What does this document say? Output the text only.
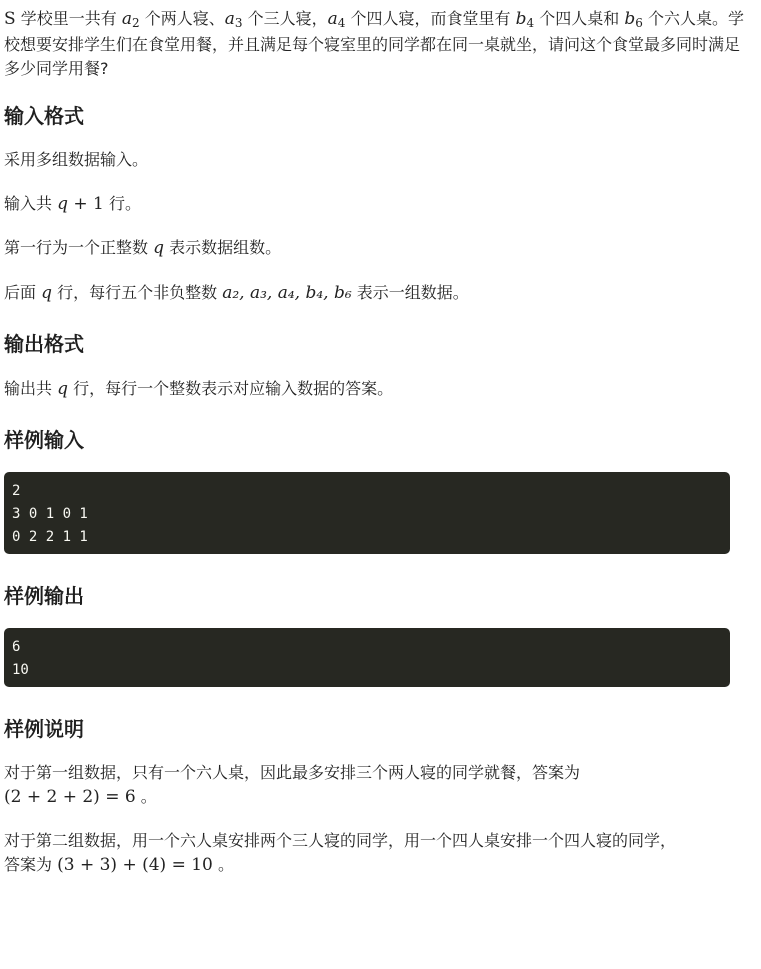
S 学校里一共有 $a_2$ 个两人寝、$a_3$ 个三人寝，$a_4$ 个四人寝，而食堂里有 $b_4$ 个四人桌和 $b_6$ 个六人桌。学校想要安排学生们在食堂用餐，并且满足每个寝室里的同学都在同一桌就坐，请问这个食堂最多同时满足多少同学用餐?

输入格式

采用多组数据输入。

输入共 q + 1 行。

第一行为一个正整数 q 表示数据组数。

后面 q 行，每行五个非负整数 a₂, a₃, a₄, b₄, b₆ 表示一组数据。

输出格式

输出共 q 行，每行一个整数表示对应输入数据的答案。

样例输入
2
3 0 1 0 1
0 2 2 1 1
样例输出
6
10
样例说明

对于第一组数据，只有一个六人桌，因此最多安排三个两人寝的同学就餐，答案为
(2 + 2 + 2) = 6 。

对于第二组数据，用一个六人桌安排两个三人寝的同学，用一个四人桌安排一个四人寝的同学，
答案为 (3 + 3) + (4) = 10 。
